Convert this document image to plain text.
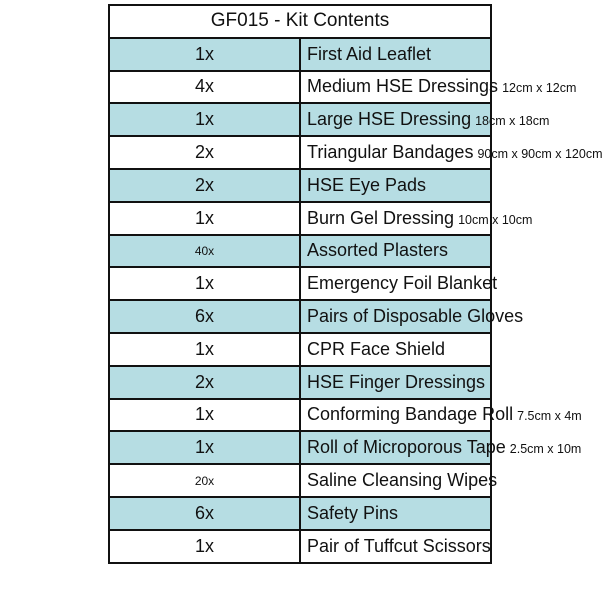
GF015 - Kit Contents	
1x	First Aid Leaflet
4x	Medium HSE Dressings 12cm x 12cm
1x	Large HSE Dressing 18cm x 18cm
2x	Triangular Bandages 90cm x 90cm x 120cm
2x	HSE Eye Pads
1x	Burn Gel Dressing 10cm x 10cm
40x	Assorted Plasters
1x	Emergency Foil Blanket
6x	Pairs of Disposable Gloves
1x	CPR Face Shield
2x	HSE Finger Dressings
1x	Conforming Bandage Roll 7.5cm x 4m
1x	Roll of Microporous Tape 2.5cm x 10m
20x	Saline Cleansing Wipes
6x	Safety Pins
1x	Pair of Tuffcut Scissors
